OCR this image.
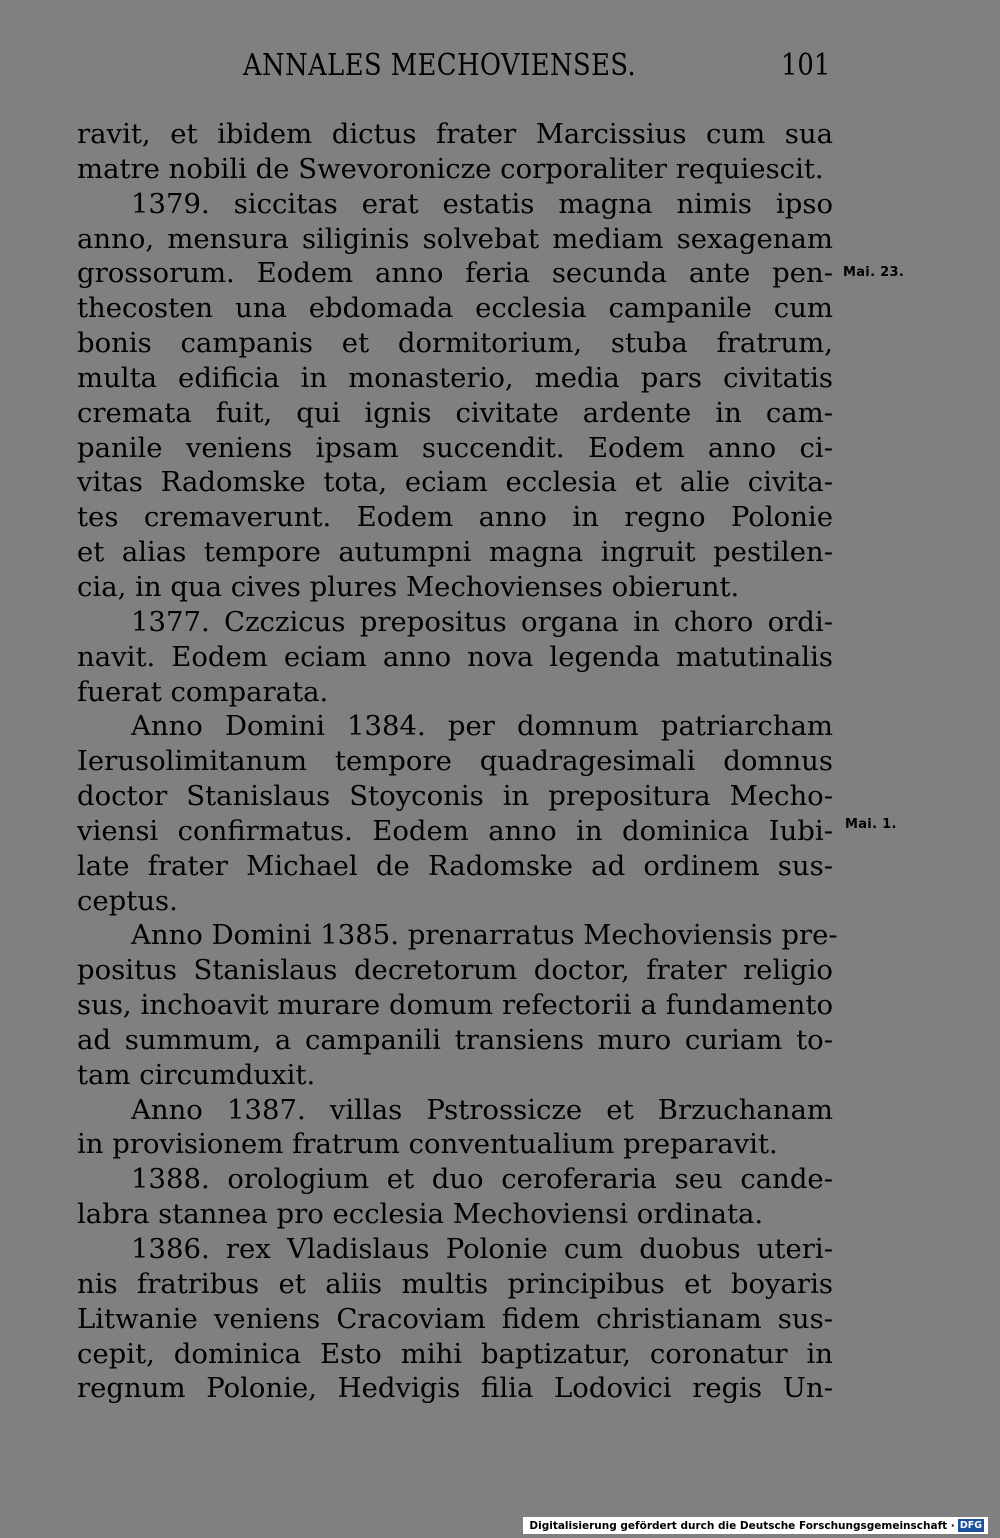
ANNALES MECHOVIENSES.	101
ravit, et ibidem dictus frater Marcissius cum sua
matre nobili de Swevoronicze corporaliter requiescit.
1379. siccitas erat estatis magna nimis ipso
anno, mensura siliginis solvebat mediam sexagenam
grossorum. Eodem anno feria secunda ante pen-
thecosten una ebdomada ecclesia campanile cum
bonis campanis et dormitorium, stuba fratrum,
multa edificia in monasterio, media pars civitatis
cremata fuit, qui ignis civitate ardente in cam-
panile veniens ipsam succendit. Eodem anno ci-
vitas Radomske tota, eciam ecclesia et alie civita-
tes cremaverunt. Eodem anno in regno Polonie
et alias tempore autumpni magna ingruit pestilen-
cia, in qua cives plures Mechovienses obierunt.
1377. Czczicus prepositus organa in choro ordi-
navit. Eodem eciam anno nova legenda matutinalis
fuerat comparata.
Anno Domini 1384. per domnum patriarcham
Ierusolimitanum tempore quadragesimali domnus
doctor Stanislaus Stoyconis in prepositura Mecho-
viensi confirmatus. Eodem anno in dominica Iubi-
late frater Michael de Radomske ad ordinem sus-
ceptus.
Anno Domini 1385. prenarratus Mechoviensis pre-
positus Stanislaus decretorum doctor, frater religio
sus, inchoavit murare domum refectorii a fundamento
ad summum, a campanili transiens muro curiam to-
tam circumduxit.
Anno 1387. villas Pstrossicze et Brzuchanam
in provisionem fratrum conventualium preparavit.
1388. orologium et duo ceroferaria seu cande-
labra stannea pro ecclesia Mechoviensi ordinata.
1386. rex Vladislaus Polonie cum duobus uteri-
nis fratribus et aliis multis principibus et boyaris
Litwanie veniens Cracoviam fidem christianam sus-
cepit, dominica Esto mihi baptizatur, coronatur in
regnum Polonie, Hedvigis filia Lodovici regis Un-
Mai. 23.
Mai. 1.
Digitalisierung gefördert durch die Deutsche Forschungsgemeinschaft · DFG
